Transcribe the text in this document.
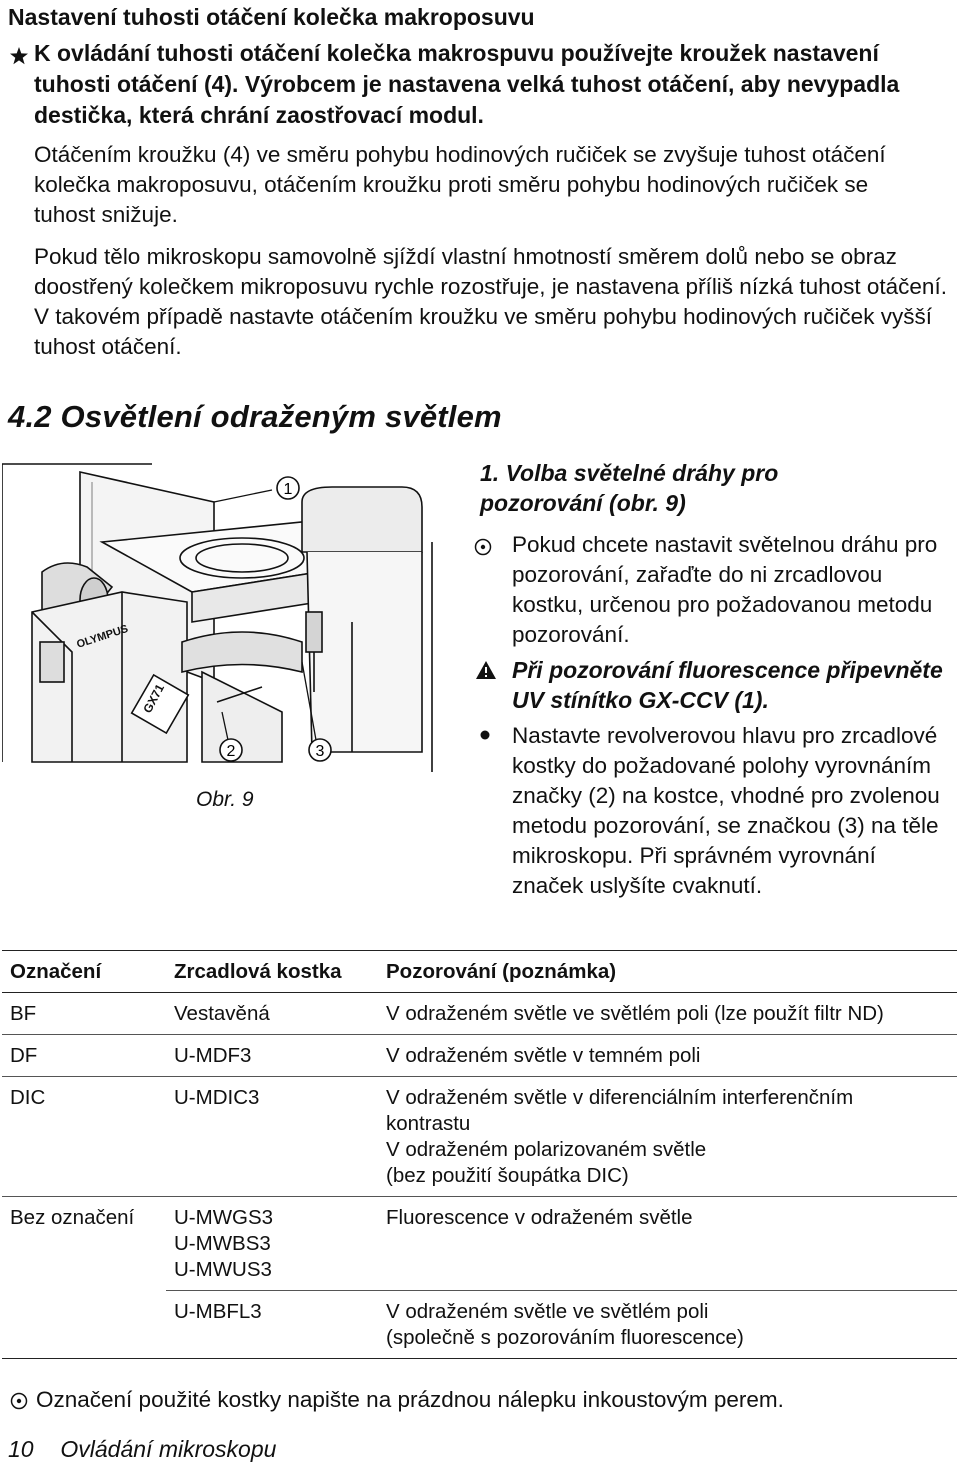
Nastavení tuhosti otáčení kolečka makroposuvu
K ovládání tuhosti otáčení kolečka makrospuvu používejte kroužek nastavení tuhosti otáčení (4). Výrobcem je nastavena velká tuhost otáčení, aby nevypadla destička, která chrání zaostřovací modul.
Otáčením kroužku (4) ve směru pohybu hodinových ručiček se zvyšuje tuhost otáčení kolečka makroposuvu, otáčením kroužku proti směru pohybu hodinových ručiček se tuhost snižuje.
Pokud tělo mikroskopu samovolně sjíždí vlastní hmotností směrem dolů nebo se obraz doostřený kolečkem mikroposuvu rychle rozostřuje, je nastavena příliš nízká tuhost otáčení. V takovém případě nastavte otáčením kroužku ve směru pohybu hodinových ručiček vyšší tuhost otáčení.
4.2 Osvětlení odraženým světlem
OLYMPUS
GX71
1
2	3
Obr. 9
1. Volba světelné dráhy pro pozorování (obr. 9)
Pokud chcete nastavit světelnou dráhu pro pozorování, zařaďte do ni zrcadlovou kostku, určenou pro požadovanou metodu pozorování.
Při pozorování fluorescence připevněte UV stínítko GX-CCV (1).
Nastavte revolverovou hlavu pro zrcadlové kostky do požadované polohy vyrovnáním značky (2) na kostce, vhodné pro zvolenou metodu pozorování, se značkou (3) na těle mikroskopu. Při správném vyrovnání značek uslyšíte cvaknutí.
Označení	Zrcadlová kostka	Pozorování (poznámka)
BF	Vestavěná	V odraženém světle ve světlém poli (lze použít filtr ND)
DF	U-MDF3	V odraženém světle v temném poli
DIC	U-MDIC3	V odraženém světle v diferenciálním interferenčním
kontrastu
V odraženém polarizovaném světle
(bez použití šoupátka DIC)

Bez označení	U-MWGS3
U-MWBS3
U-MWUS3	Fluorescence v odraženém světle
	U-MBFL3	V odraženém světle ve světlém poli
(společně s pozorováním fluorescence)
Označení použité kostky napište na prázdnou nálepku inkoustovým perem.
10 Ovládání mikroskopu
